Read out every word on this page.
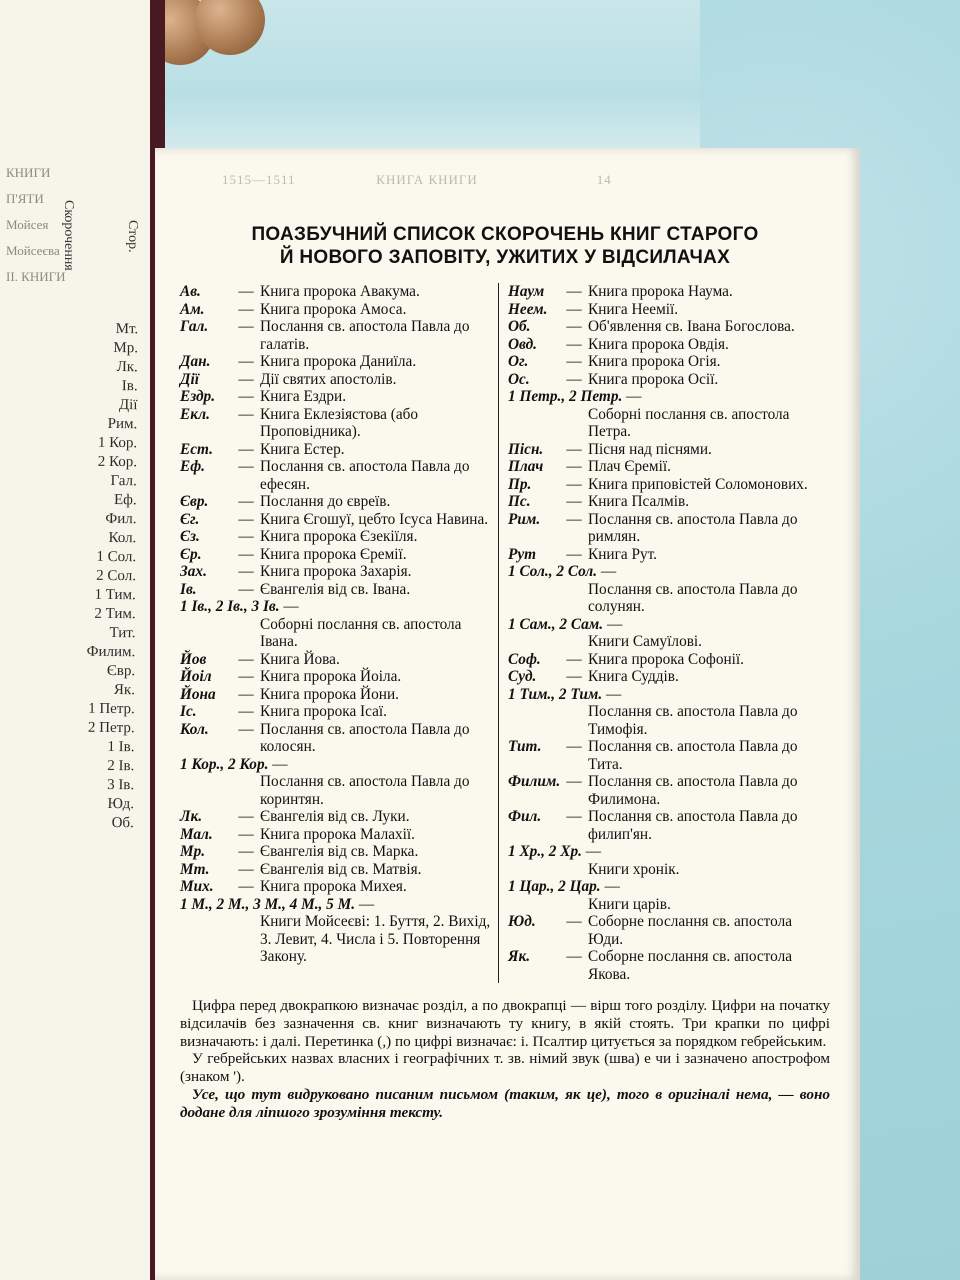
КНИГИ
П'ЯТИ
Мойсея
Мойсеєва
II. КНИГИ
Скорочення	Стор.
Мт.
Мр.
Лк.
Ів.
Дії
Рим.
1 Кор.
2 Кор.
Гал.
Еф.
Фил.
Кол.
1 Сол.
2 Сол.
1 Тим.
2 Тим.
Тит.
Филим.
Євр.
Як.
1 Петр.
2 Петр.
1 Ів.
2 Ів.
3 Ів.
Юд.
Об.
1515—1511                   КНИГА КНИГИ                            14
ПОАЗБУЧНИЙ СПИСОК СКОРОЧЕНЬ КНИГ СТАРОГО
Й НОВОГО ЗАПОВІТУ, УЖИТИХ У ВІДСИЛАЧАХ
Ав.	— Книга пророка Авакума.
Ам.	— Книга пророка Амоса.
Гал.	— Послання св. апостола Павла до галатів.
Дан.	— Книга пророка Даниїла.
Дії	— Дії святих апостолів.
Ездр.	— Книга Ездри.
Екл.	— Книга Еклезіястова (або Проповідника).
Ест.	— Книга Естер.
Еф.	— Послання св. апостола Павла до ефесян.
Євр.	— Послання до євреїв.
Єг.	— Книга Єгошуї, цебто Ісуса Навина.
Єз.	— Книга пророка Єзекіїля.
Єр.	— Книга пророка Єремії.
Зах.	— Книга пророка Захарія.
Ів.	— Євангелія від св. Івана.
1 Ів., 2 Ів., 3 Ів. —
Соборні послання св. апостола Івана.
Йов	— Книга Йова.
Йоіл	— Книга пророка Йоіла.
Йона	— Книга пророка Йони.
Іс.	— Книга пророка Ісаї.
Кол.	— Послання св. апостола Павла до колосян.
1 Кор., 2 Кор. —
Послання св. апостола Павла до коринтян.
Лк.	— Євангелія від св. Луки.
Мал.	— Книга пророка Малахії.
Мр.	— Євангелія від св. Марка.
Мт.	— Євангелія від св. Матвія.
Мих.	— Книга пророка Михея.
1 М., 2 М., 3 М., 4 М., 5 М. —
Книги Мойсеєві: 1. Буття, 2. Вихід, 3. Левит, 4. Числа і 5. Повторення Закону.
Наум	— Книга пророка Наума.
Неем.	— Книга Неемії.
Об.	— Об'явлення св. Івана Богослова.
Овд.	— Книга пророка Овдія.
Ог.	— Книга пророка Огія.
Ос.	— Книга пророка Осії.
1 Петр., 2 Петр. —
Соборні послання св. апостола Петра.
Пісн.	— Пісня над піснями.
Плач	— Плач Єремії.
Пр.	— Книга приповістей Соломонових.
Пс.	— Книга Псалмів.
Рим.	— Послання св. апостола Павла до римлян.
Рут	— Книга Рут.
1 Сол., 2 Сол. —
Послання св. апостола Павла до солунян.
1 Сам., 2 Сам. —
Книги Самуїлові.
Соф.	— Книга пророка Софонії.
Суд.	— Книга Суддів.
1 Тим., 2 Тим. —
Послання св. апостола Павла до Тимофія.
Тит.	— Послання св. апостола Павла до Тита.
Филим. — Послання св. апостола Павла до Филимона.
Фил.	— Послання св. апостола Павла до филип'ян.
1 Хр., 2 Хр. —
Книги хронік.
1 Цар., 2 Цар. —
Книги царів.
Юд.	— Соборне послання св. апостола Юди.
Як.	— Соборне послання св. апостола Якова.

Цифра перед двокрапкою визначає розділ, а по двокрапці — вірш того розділу. Цифри на початку відсилачів без зазначення св. книг визначають ту книгу, в якій стоять. Три крапки по цифрі визначають: і далі. Перетинка (,) по цифрі визначає: і. Псалтир цитується за порядком гебрейським.

У гебрейських назвах власних і географічних т. зв. німий звук (шва) е чи і зазначено апострофом (знаком ').

Усе, що тут видруковано писаним письмом (таким, як це), того в оригіналі нема, — воно додане для ліпшого зрозуміння тексту.
